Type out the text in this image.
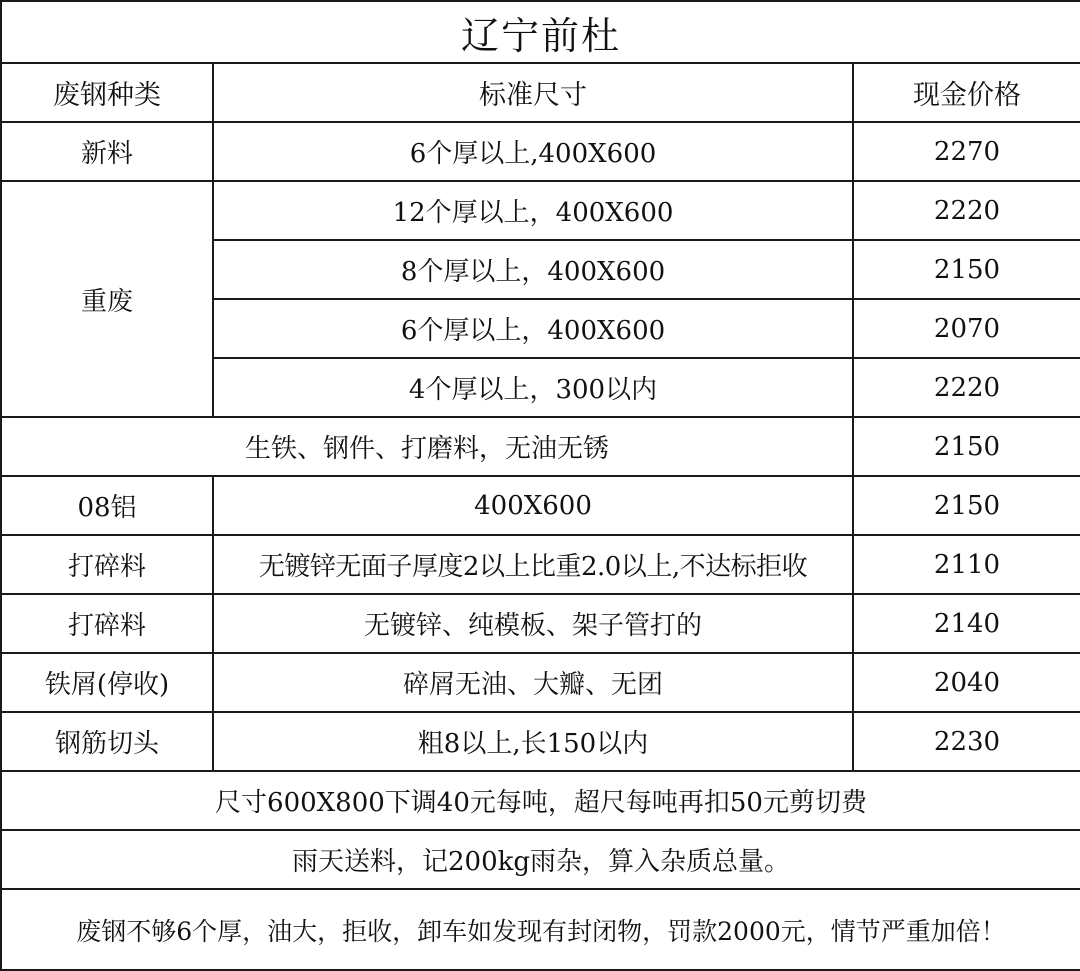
辽宁前杜		
废钢种类	标准尺寸	现金价格
新料	6个厚以上,400X600	2270
重废	12个厚以上，400X600	2220
	8个厚以上，400X600	2150
	6个厚以上，400X600	2070
	4个厚以上，300以内	2220
生铁、钢件、打磨料，无油无锈		2150
08铝	400X600	2150
打碎料	无镀锌无面子厚度2以上比重2.0以上,不达标拒收	2110
打碎料	无镀锌、纯模板、架子管打的	2140
铁屑(停收)	碎屑无油、大瓣、无团	2040
钢筋切头	粗8以上,长150以内	2230
尺寸600X800下调40元每吨，超尺每吨再扣50元剪切费		
雨天送料，记200kg雨杂，算入杂质总量。		
废钢不够6个厚，油大，拒收，卸车如发现有封闭物，罚款2000元，情节严重加倍！		
